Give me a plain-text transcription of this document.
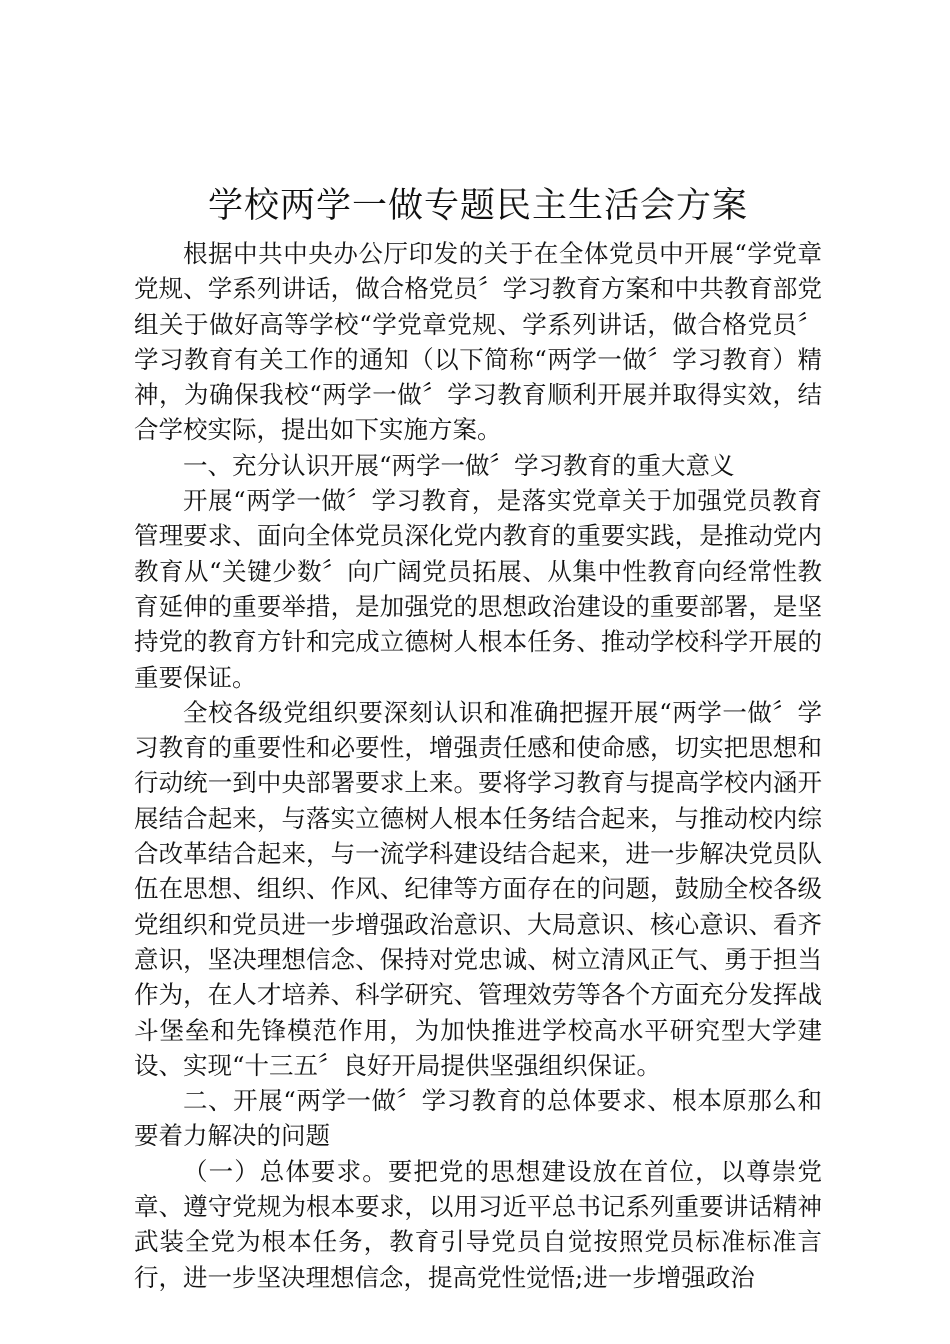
学校两学一做专题民主生活会方案

根据中共中央办公厅印发的关于在全体党员中开展“学党章党规、学系列讲话，做合格党员〞学习教育方案和中共教育部党组关于做好高等学校“学党章党规、学系列讲话，做合格党员〞学习教育有关工作的通知（以下简称“两学一做〞学习教育）精神，为确保我校“两学一做〞学习教育顺利开展并取得实效，结合学校实际，提出如下实施方案。

一、充分认识开展“两学一做〞学习教育的重大意义

开展“两学一做〞学习教育，是落实党章关于加强党员教育管理要求、面向全体党员深化党内教育的重要实践，是推动党内教育从“关键少数〞向广阔党员拓展、从集中性教育向经常性教育延伸的重要举措，是加强党的思想政治建设的重要部署，是坚持党的教育方针和完成立德树人根本任务、推动学校科学开展的重要保证。

全校各级党组织要深刻认识和准确把握开展“两学一做〞学习教育的重要性和必要性，增强责任感和使命感，切实把思想和行动统一到中央部署要求上来。要将学习教育与提高学校内涵开展结合起来，与落实立德树人根本任务结合起来，与推动校内综合改革结合起来，与一流学科建设结合起来，进一步解决党员队伍在思想、组织、作风、纪律等方面存在的问题，鼓励全校各级党组织和党员进一步增强政治意识、大局意识、核心意识、看齐意识，坚决理想信念、保持对党忠诚、树立清风正气、勇于担当作为，在人才培养、科学研究、管理效劳等各个方面充分发挥战斗堡垒和先锋模范作用，为加快推进学校高水平研究型大学建设、实现“十三五〞良好开局提供坚强组织保证。

二、开展“两学一做〞学习教育的总体要求、根本原那么和要着力解决的问题

（一）总体要求。要把党的思想建设放在首位，以尊崇党章、遵守党规为根本要求，以用习近平总书记系列重要讲话精神武装全党为根本任务，教育引导党员自觉按照党员标准标准言行，进一步坚决理想信念，提高党性觉悟;进一步增强政治
